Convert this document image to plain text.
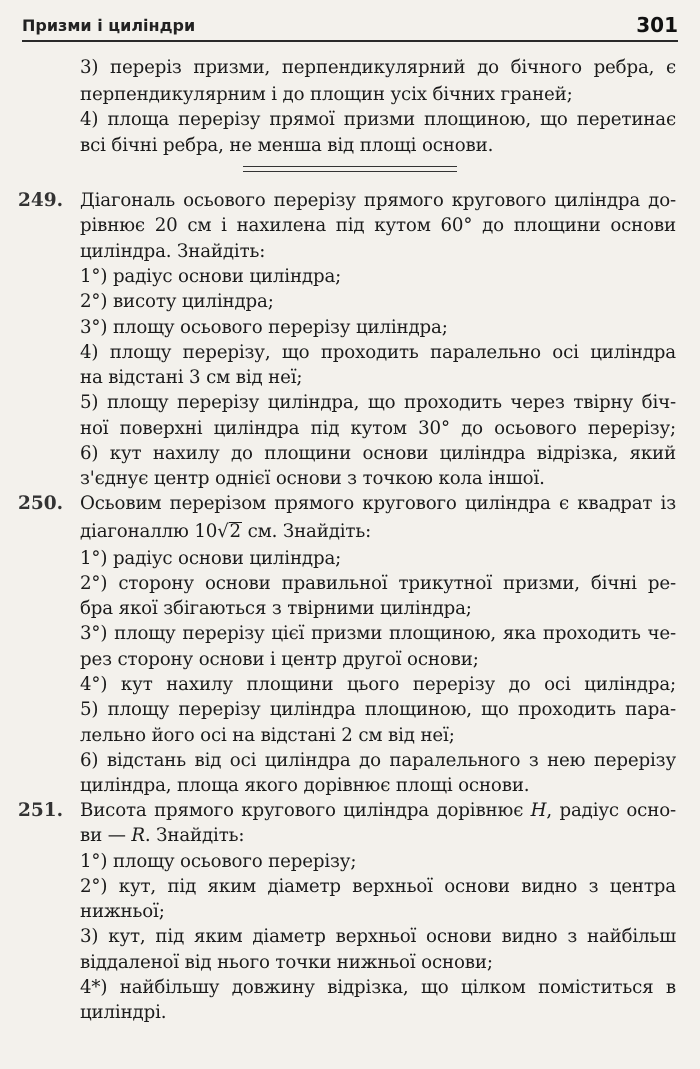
Призми і циліндри	301
3) переріз призми, перпендикулярний до бічного ребра, є
перпендикулярним і до площин усіх бічних граней;
4) площа перерізу прямої призми площиною, що перетинає
всі бічні ребра, не менша від площі основи.
249. Діагональ осьового перерізу прямого кругового циліндра до-
рівнює 20 см і нахилена під кутом 60° до площини основи
циліндра. Знайдіть:
1°) радіус основи циліндра;
2°) висоту циліндра;
3°) площу осьового перерізу циліндра;
4) площу перерізу, що проходить паралельно осі циліндра
на відстані 3 см від неї;
5) площу перерізу циліндра, що проходить через твірну біч-
ної поверхні циліндра під кутом 30° до осьового перерізу;
6) кут нахилу до площини основи циліндра відрізка, який
з'єднує центр однієї основи з точкою кола іншої.
250. Осьовим перерізом прямого кругового циліндра є квадрат із
діагоналлю 10√2 см. Знайдіть:
1°) радіус основи циліндра;
2°) сторону основи правильної трикутної призми, бічні ре-
бра якої збігаються з твірними циліндра;
3°) площу перерізу цієї призми площиною, яка проходить че-
рез сторону основи і центр другої основи;
4°) кут нахилу площини цього перерізу до осі циліндра;
5) площу перерізу циліндра площиною, що проходить пара-
лельно його осі на відстані 2 см від неї;
6) відстань від осі циліндра до паралельного з нею перерізу
циліндра, площа якого дорівнює площі основи.
251. Висота прямого кругового циліндра дорівнює H, радіус осно-
ви — R. Знайдіть:
1°) площу осьового перерізу;
2°) кут, під яким діаметр верхньої основи видно з центра
нижньої;
3) кут, під яким діаметр верхньої основи видно з найбільш
віддаленої від нього точки нижньої основи;
4*) найбільшу довжину відрізка, що цілком поміститься в
циліндрі.
